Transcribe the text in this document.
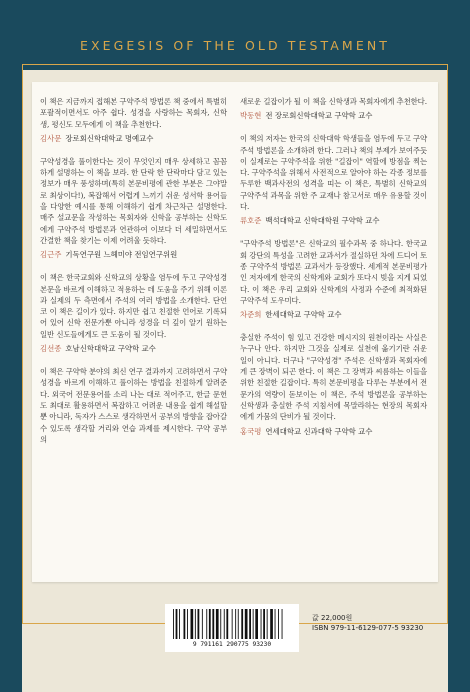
EXEGESIS OF THE OLD TESTAMENT

이 책은 지금까지 접해본 구약주석 방법론 책 중에서 특별히 포괄적이면서도 아주 쉽다. 성경을 사랑하는 목회자, 신학생, 평신도 모두에게 이 책을 추천한다.

김사문 장로회신학대학교 명예교수

구약성경을 풀이한다는 것이 무엇인지 매우 상세하고 꼼꼼하게 설명하는 이 책을 보라. 한 단락 한 단락마다 담고 있는 정보가 매우 풍성하며(특히 본문비평에 관한 부분은 그야말로 최상이다!), 복잡해서 어렵게 느끼기 쉬운 성서학 용어들을 다양한 예시를 통해 이해하기 쉽게 차근차근 설명한다. 매주 설교문을 작성하는 목회자와 신학을 공부하는 신학도에게 구약주석 방법론과 연관하여 이보다 더 세밀하면서도 간결한 책을 찾기는 이제 어려울 듯하다.

김근주 기독연구원 느헤미야 전임연구위원

이 책은 한국교회와 신학교의 상황을 염두에 두고 구약성경 본문을 바르게 이해하고 적용하는 데 도움을 주기 위해 이론과 실제의 두 측면에서 주석의 여러 방법을 소개한다. 단언코 이 책은 길이가 있다. 하지만 쉽고 친절한 언어로 기록되어 있어 신학 전문가뿐 아니라 성경을 더 깊이 알기 원하는 일반 신도들에게도 큰 도움이 될 것이다.

김선종 호남신학대학교 구약학 교수

이 책은 구약학 분야의 최신 연구 결과까지 고려하면서 구약성경을 바르게 이해하고 풀이하는 방법을 친절하게 알려준다. 외국어 전문용어를 소리 나는 대로 적어주고, 한글 문헌도 최대로 활용하면서 복잡하고 어려운 내용을 쉽게 해설할 뿐 아니라, 독자가 스스로 생각하면서 공부의 방향을 잡아갈 수 있도록 생각할 거리와 연습 과제를 제시한다. 구약 공부의

새로운 길잡이가 될 이 책을 신학생과 목회자에게 추천한다.

박동현 전 장로회신학대학교 구약학 교수

이 책의 저자는 한국의 신학대학 학생들을 염두에 두고 구약주석 방법론을 소개하려 한다. 그러나 책의 부제가 보여주듯이 실제로는 구약주석을 위한 "길잡이" 역할에 방점을 찍는다. 구약주석을 위해서 사전적으로 알아야 하는 각종 정보를 두루한 백과사전의 성격을 띠는 이 책은, 특별히 신학교의 구약주석 과목을 위한 주 교재나 참고서로 매우 유용할 것이다.

류호준 백석대학교 신학대학원 구약학 교수

"구약주석 방법론"은 신학교의 필수과목 중 하나다. 한국교회 강단의 특성을 고려한 교과서가 절실하던 차에 드디어 토종 구약주석 방법론 교과서가 등장했다. 세계적 본문비평가인 저자에게 한국의 신학계와 교회가 또다시 빚을 지게 되었다. 이 책은 우리 교회와 신학계의 사정과 수준에 최적화된 구약주석 도우미다.

차준희 한세대학교 구약학 교수

충실한 주석이 힘 있고 건강한 메시지의 원천이라는 사실은 누구나 안다. 하지만 그것을 실제로 실천에 옮기기란 쉬운 일이 아니다. 더구나 "구약성경" 주석은 신학생과 목회자에게 큰 장벽이 되곤 한다. 이 책은 그 장벽과 씨름하는 이들을 위한 친절한 길잡이다. 특히 본문비평을 다루는 부분에서 전문가의 역량이 돋보이는 이 책은, 주석 방법론을 공부하는 신학생과 충실한 주석 지침서에 목말라하는 현장의 목회자에게 가뭄의 단비가 될 것이다.

홍국평 연세대학교 신과대학 구약학 교수

9 791161 290775 93230
값 22,000원
ISBN 979-11-6129-077-5 93230
